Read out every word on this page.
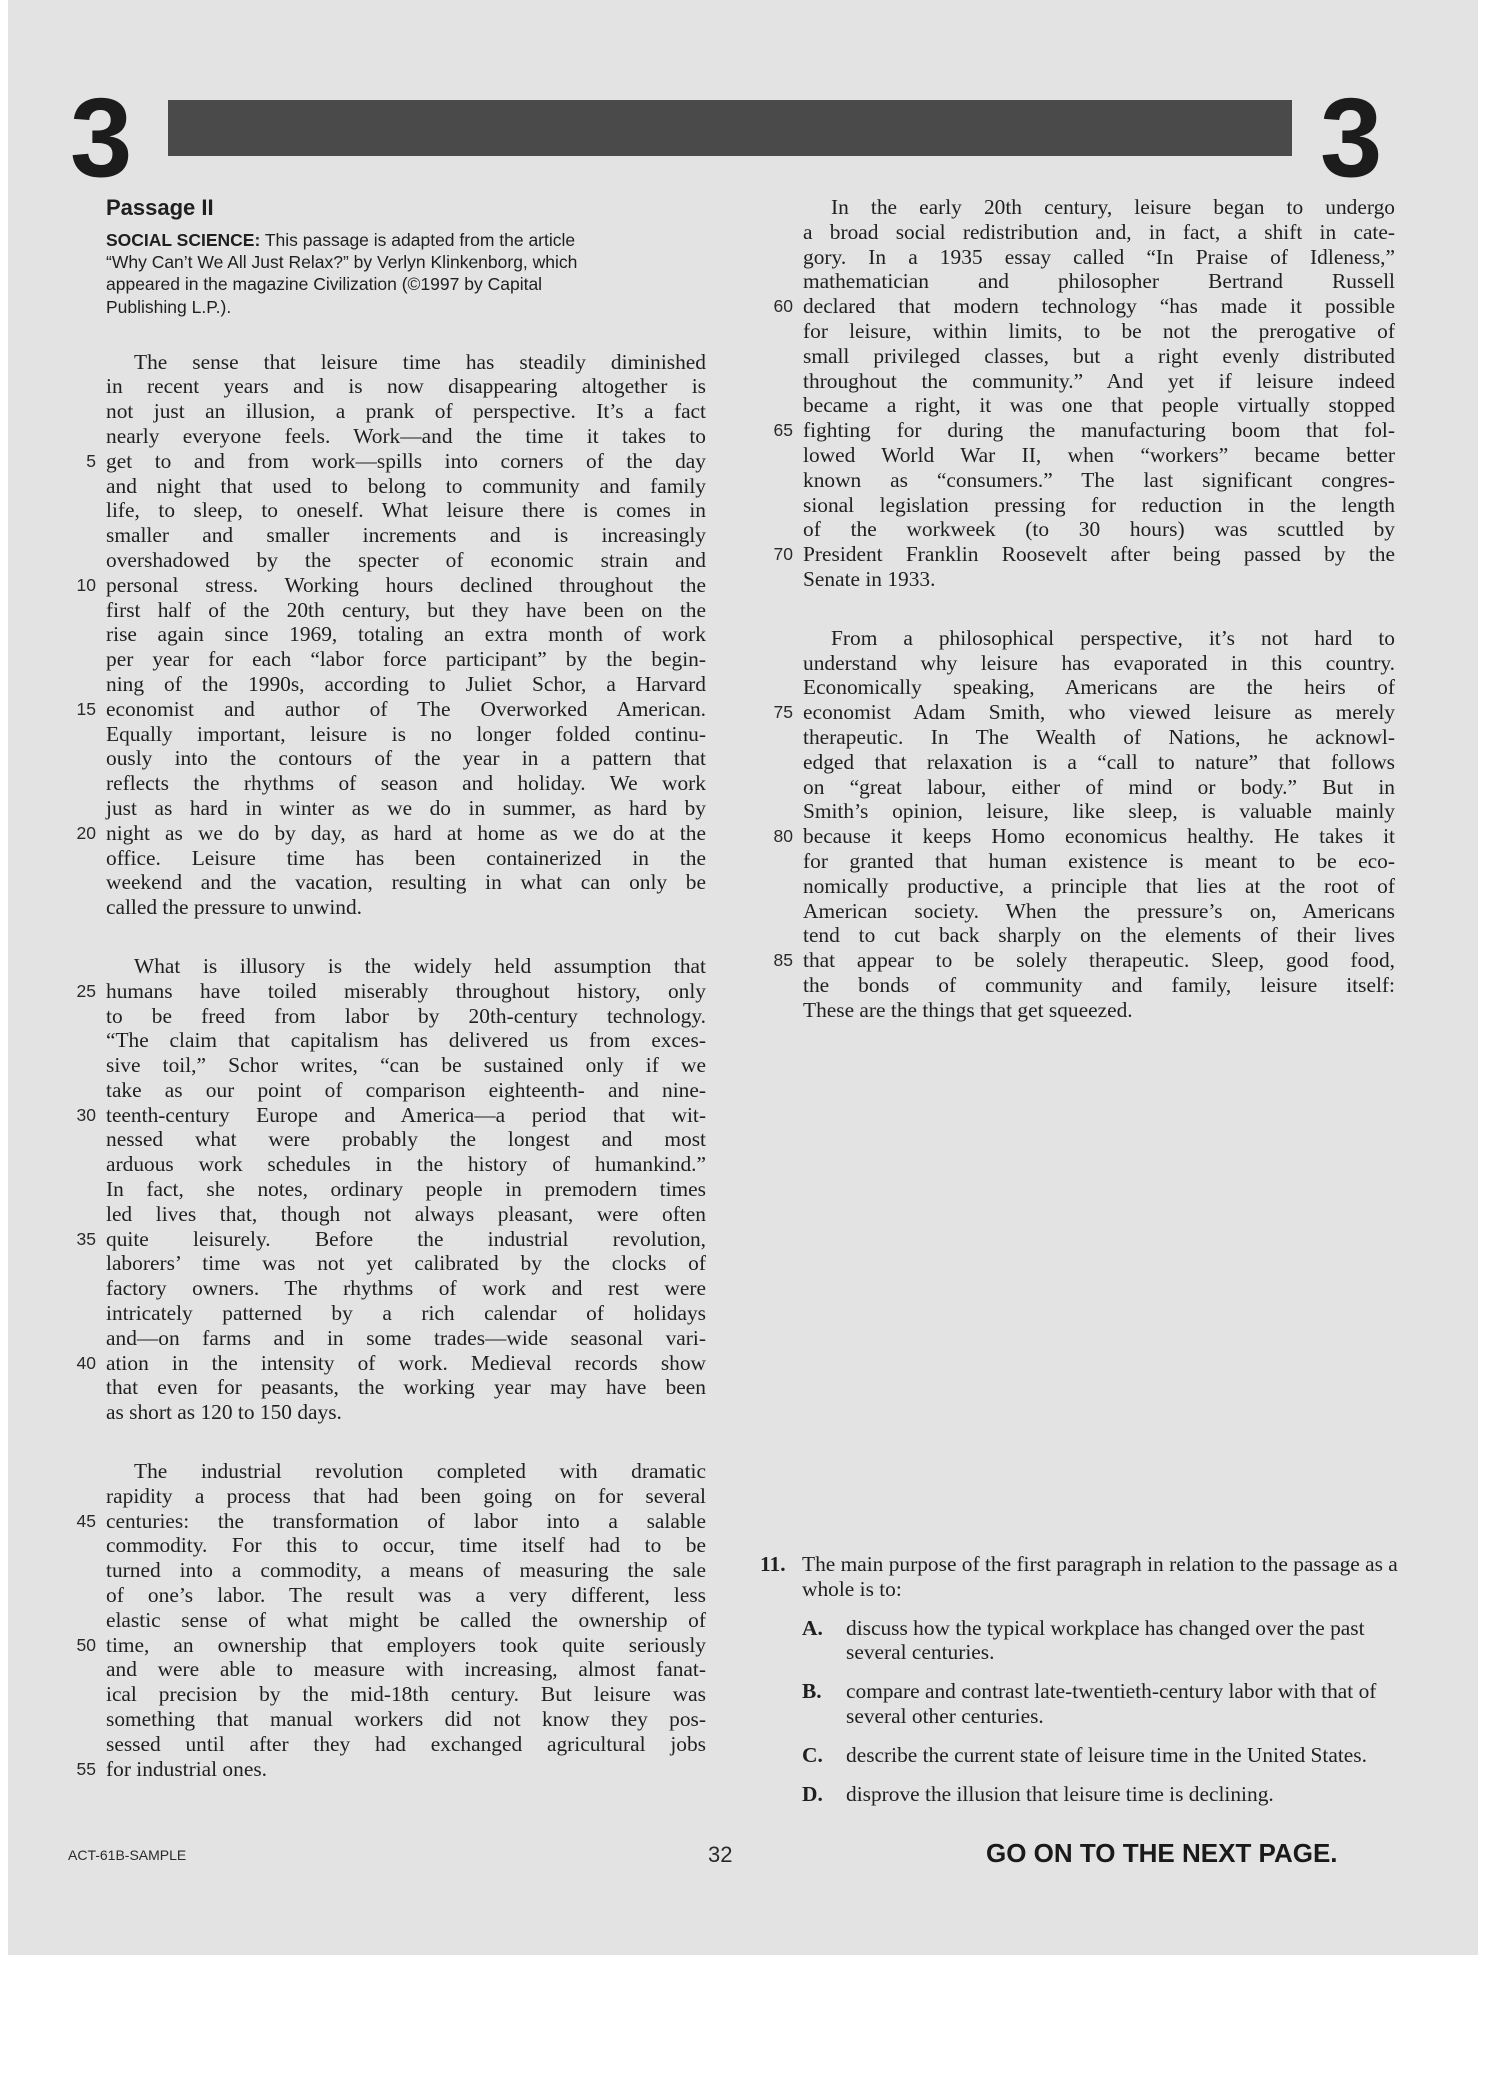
3	3
Passage II
SOCIAL SCIENCE: This passage is adapted from the article
“Why Can’t We All Just Relax?” by Verlyn Klinkenborg, which
appeared in the magazine Civilization (©1997 by Capital
Publishing L.P.).
The sense that leisure time has steadily diminished
in recent years and is now disappearing altogether is
not just an illusion, a prank of perspective. It’s a fact
nearly everyone feels. Work—and the time it takes to
5 get to and from work—spills into corners of the day
and night that used to belong to community and family
life, to sleep, to oneself. What leisure there is comes in
smaller and smaller increments and is increasingly
overshadowed by the specter of economic strain and
10 personal stress. Working hours declined throughout the
first half of the 20th century, but they have been on the
rise again since 1969, totaling an extra month of work
per year for each “labor force participant” by the begin-
ning of the 1990s, according to Juliet Schor, a Harvard
15 economist and author of The Overworked American.
Equally important, leisure is no longer folded continu-
ously into the contours of the year in a pattern that
reflects the rhythms of season and holiday. We work
just as hard in winter as we do in summer, as hard by
20 night as we do by day, as hard at home as we do at the
office. Leisure time has been containerized in the
weekend and the vacation, resulting in what can only be
called the pressure to unwind.
What is illusory is the widely held assumption that
25 humans have toiled miserably throughout history, only
to be freed from labor by 20th-century technology.
“The claim that capitalism has delivered us from exces-
sive toil,” Schor writes, “can be sustained only if we
take as our point of comparison eighteenth- and nine-
30 teenth-century Europe and America—a period that wit-
nessed what were probably the longest and most
arduous work schedules in the history of humankind.”
In fact, she notes, ordinary people in premodern times
led lives that, though not always pleasant, were often
35 quite leisurely. Before the industrial revolution,
laborers’ time was not yet calibrated by the clocks of
factory owners. The rhythms of work and rest were
intricately patterned by a rich calendar of holidays
and—on farms and in some trades—wide seasonal vari-
40 ation in the intensity of work. Medieval records show
that even for peasants, the working year may have been
as short as 120 to 150 days.
The industrial revolution completed with dramatic
rapidity a process that had been going on for several
45 centuries: the transformation of labor into a salable
commodity. For this to occur, time itself had to be
turned into a commodity, a means of measuring the sale
of one’s labor. The result was a very different, less
elastic sense of what might be called the ownership of
50 time, an ownership that employers took quite seriously
and were able to measure with increasing, almost fanat-
ical precision by the mid-18th century. But leisure was
something that manual workers did not know they pos-
sessed until after they had exchanged agricultural jobs
55 for industrial ones.
In the early 20th century, leisure began to undergo
a broad social redistribution and, in fact, a shift in cate-
gory. In a 1935 essay called “In Praise of Idleness,”
mathematician and philosopher Bertrand Russell
60 declared that modern technology “has made it possible
for leisure, within limits, to be not the prerogative of
small privileged classes, but a right evenly distributed
throughout the community.” And yet if leisure indeed
became a right, it was one that people virtually stopped
65 fighting for during the manufacturing boom that fol-
lowed World War II, when “workers” became better
known as “consumers.” The last significant congres-
sional legislation pressing for reduction in the length
of the workweek (to 30 hours) was scuttled by
70 President Franklin Roosevelt after being passed by the
Senate in 1933.
From a philosophical perspective, it’s not hard to
understand why leisure has evaporated in this country.
Economically speaking, Americans are the heirs of
75 economist Adam Smith, who viewed leisure as merely
therapeutic. In The Wealth of Nations, he acknowl-
edged that relaxation is a “call to nature” that follows
on “great labour, either of mind or body.” But in
Smith’s opinion, leisure, like sleep, is valuable mainly
80 because it keeps Homo economicus healthy. He takes it
for granted that human existence is meant to be eco-
nomically productive, a principle that lies at the root of
American society. When the pressure’s on, Americans
tend to cut back sharply on the elements of their lives
85 that appear to be solely therapeutic. Sleep, good food,
the bonds of community and family, leisure itself:
These are the things that get squeezed.
11. The main purpose of the first paragraph in relation to the passage as a whole is to:
A. discuss how the typical workplace has changed over the past several centuries.
B. compare and contrast late-twentieth-century labor with that of several other centuries.
C. describe the current state of leisure time in the United States.
D. disprove the illusion that leisure time is declining.
ACT-61B-SAMPLE	32	GO ON TO THE NEXT PAGE.
